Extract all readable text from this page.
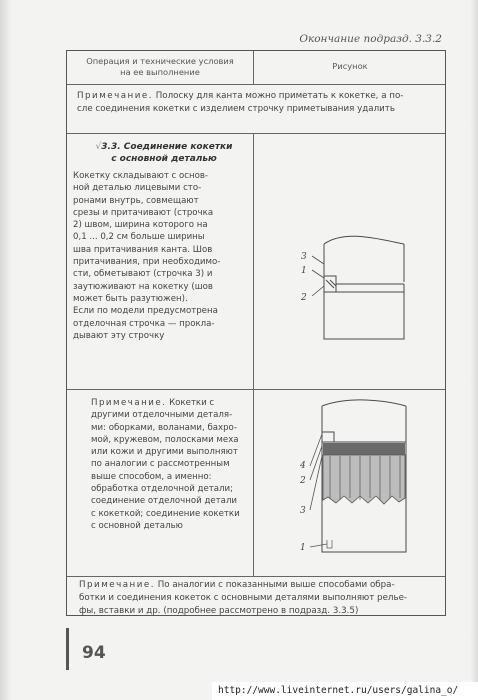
Окончание подразд. 3.3.2
Операция и технические условия
на ее выполнение
Рисунок
Примечание. Полоску для канта можно приметать к кокетке, а по-
сле соединения кокетки с изделием строчку приметывания удалить
√3.3. Соединение кокетки
с основной деталью
Кокетку складывают с основ-
ной деталью лицевыми сто-
ронами внутрь, совмещают
срезы и притачивают (строчка
2) швом, ширина которого на
0,1 ... 0,2 см больше ширины
шва притачивания канта. Шов
притачивания, при необходимо-
сти, обметывают (строчка 3) и
заутюживают на кокетку (шов
может быть разутюжен).
Если по модели предусмотрена
отделочная строчка — прокла-
дывают эту строчку
3
1
2
Примечание. Кокетки с
другими отделочными деталя-
ми: оборками, воланами, бахро-
мой, кружевом, полосками меха
или кожи и другими выполняют
по аналогии с рассмотренным
выше способом, а именно:
обработка отделочной детали;
соединение отделочной детали
с кокеткой; соединение кокетки
с основной деталью
4
2
3
1
Примечание. По аналогии с показанными выше способами обра-
ботки и соединения кокеток с основными деталями выполняют рельe-
фы, вставки и др. (подробнее рассмотрено в подразд. 3.3.5)
94
http://www.liveinternet.ru/users/galina_o/
